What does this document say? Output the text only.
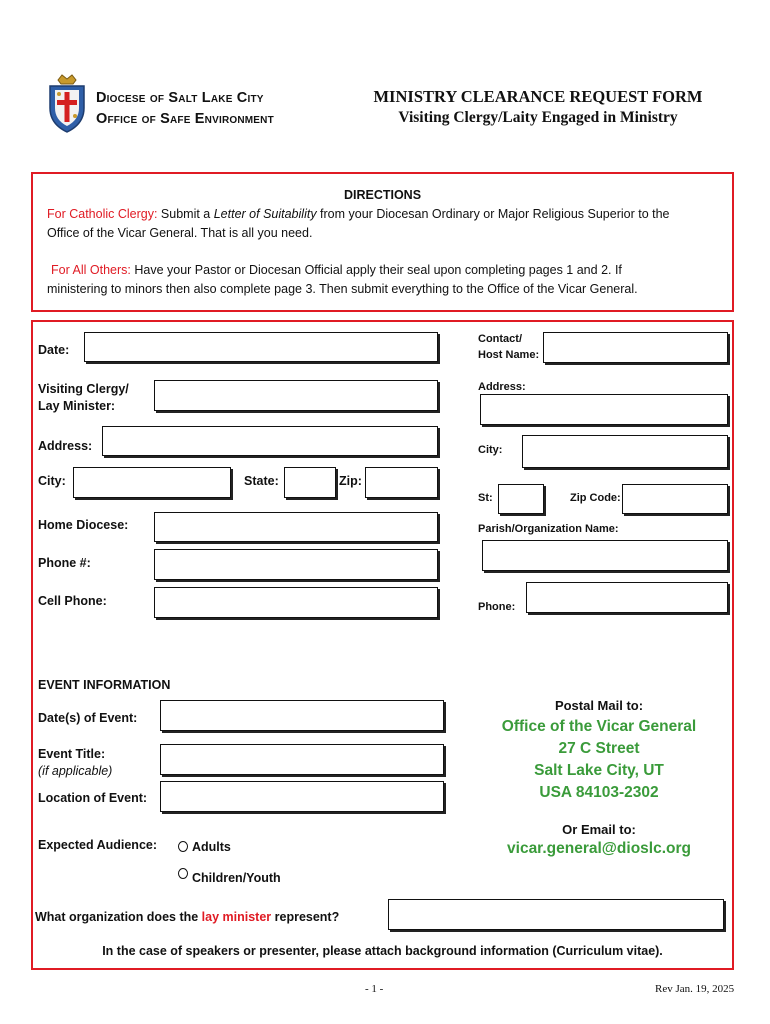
Diocese of Salt Lake City
Office of Safe Environment
MINISTRY CLEARANCE REQUEST FORM
Visiting Clergy/Laity Engaged in Ministry
DIRECTIONS
For Catholic Clergy: Submit a Letter of Suitability from your Diocesan Ordinary or Major Religious Superior to the
Office of the Vicar General. That is all you need.
For All Others: Have your Pastor or Diocesan Official apply their seal upon completing pages 1 and 2. If

ministering to minors then also complete page 3. Then submit everything to the Office of the Vicar General.
Date:
Visiting Clergy/
Lay Minister:
Address:
City:	State:	Zip:
Home Diocese:
Phone #:
Cell Phone:
Contact/
Host Name:
Address:
City:
St:	Zip Code:
Parish/Organization Name:
Phone:
EVENT INFORMATION
Date(s) of Event:
Event Title:
(if applicable)
Location of Event:
Expected Audience:	Adults
Children/Youth
Postal Mail to:
Office of the Vicar General
27 C Street
Salt Lake City, UT
USA 84103-2302
Or Email to:
vicar.general@dioslc.org
What organization does the lay minister represent?
In the case of speakers or presenter, please attach background information (Curriculum vitae).
- 1 -	Rev Jan. 19, 2025
